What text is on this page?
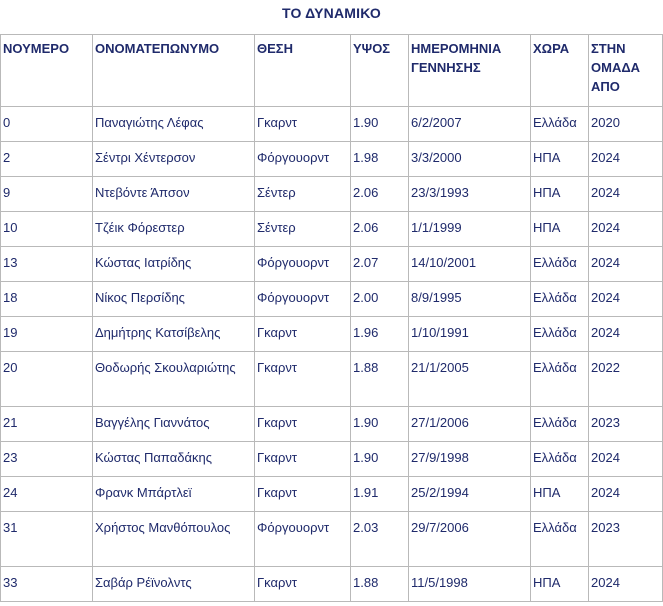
ΤΟ ΔΥΝΑΜΙΚΟ
ΝΟΥΜΕΡΟ	ΟΝΟΜΑΤΕΠΩΝΥΜΟ	ΘΕΣΗ	ΥΨΟΣ	ΗΜΕΡΟΜΗΝΙΑ ΓΕΝΝΗΣΗΣ	ΧΩΡΑ	ΣΤΗΝ ΟΜΑΔΑ ΑΠΟ
0	Παναγιώτης Λέφας	Γκαρντ	1.90	6/2/2007	Ελλάδα	2020
2	Σέντρι Χέντερσον	Φόργουορντ	1.98	3/3/2000	ΗΠΑ	2024
9	Ντεβόντε Άπσον	Σέντερ	2.06	23/3/1993	ΗΠΑ	2024
10	Τζέικ Φόρεστερ	Σέντερ	2.06	1/1/1999	ΗΠΑ	2024
13	Κώστας Ιατρίδης	Φόργουορντ	2.07	14/10/2001	Ελλάδα	2024
18	Νίκος Περσίδης	Φόργουορντ	2.00	8/9/1995	Ελλάδα	2024
19	Δημήτρης Κατσίβελης	Γκαρντ	1.96	1/10/1991	Ελλάδα	2024
20	Θοδωρής Σκουλαριώτης	Γκαρντ	1.88	21/1/2005	Ελλάδα	2022
21	Βαγγέλης Γιαννάτος	Γκαρντ	1.90	27/1/2006	Ελλάδα	2023
23	Κώστας Παπαδάκης	Γκαρντ	1.90	27/9/1998	Ελλάδα	2024
24	Φρανκ Μπάρτλεϊ	Γκαρντ	1.91	25/2/1994	ΗΠΑ	2024
31	Χρήστος Μανθόπουλος	Φόργουορντ	2.03	29/7/2006	Ελλάδα	2023
33	Σαβάρ Ρέϊνολντς	Γκαρντ	1.88	11/5/1998	ΗΠΑ	2024
